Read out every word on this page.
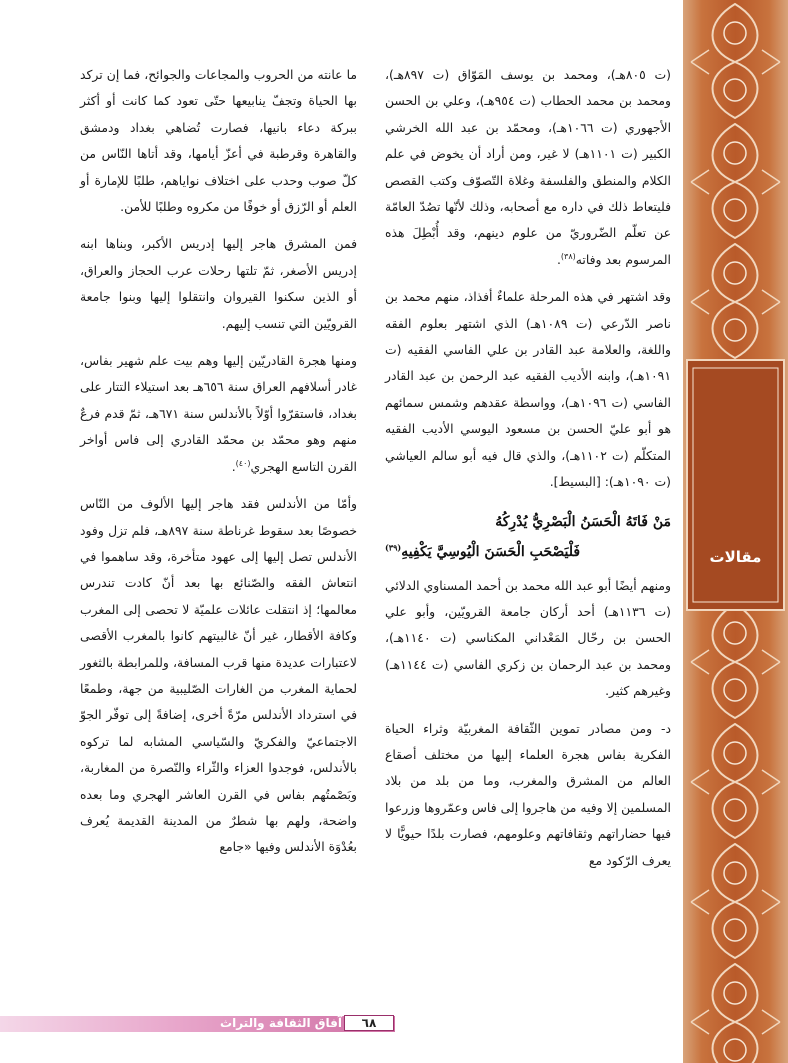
(ت ٨٠٥هـ)، ومحمد بن يوسف المَوّاق (ت ٨٩٧هـ)، ومحمد بن محمد الحطاب (ت ٩٥٤هـ)، وعلي بن الحسن الأجهوري (ت ١٠٦٦هـ)، ومحمّد بن عبد الله الخرشي الكبير (ت ١١٠١هـ) لا غير، ومن أراد أن يخوض في علم الكلام والمنطق والفلسفة وغلاة التّصوّف وكتب القصص فليتعاط ذلك في داره مع أصحابه، وذلك لأنّها تصُدّ العامّة عن تعلّم الضّروريّ من علوم دينهم، وقد أُبْطِلَ هذه المرسوم بعد وفاته$^{(٣٨)}$.

وقد اشتهر في هذه المرحلة علماءٌ أفذاذ، منهم محمد بن ناصر الدّرعي (ت ١٠٨٩هـ) الذي اشتهر بعلوم الفقه واللغة، والعلامة عبد القادر بن علي الفاسي الفقيه (ت ١٠٩١هـ)، وابنه الأديب الفقيه عبد الرحمن بن عبد القادر الفاسي (ت ١٠٩٦هـ)، وواسطة عقدهم وشمس سمائهم هو أبو عليّ الحسن بن مسعود اليوسي الأديب الفقيه المتكلّم (ت ١١٠٢هـ)، والذي قال فيه أبو سالم العياشي (ت ١٠٩٠هـ): [البسيط].

مَنْ فَاتَهُ الْحَسَنُ الْبَصْرِيُّ يُدْرِكُهُ
فَلْيَصْحَبِ الْحَسَنَ الْيُوسِيَّ يَكْفِيهِ$^{(٣٩)}$

ومنهم أيضًا أبو عبد الله محمد بن أحمد المسناوي الدلائي (ت ١١٣٦هـ) أحد أركان جامعة القرويّين، وأبو علي الحسن بن رحّال المَعْداني المكناسي (ت ١١٤٠هـ)، ومحمد بن عبد الرحمان بن زكري الفاسي (ت ١١٤٤هـ) وغيرهم كثير.

د- ومن مصادر تموين الثّقافة المغربيّة وثراء الحياة الفكرية بفاس هجرة العلماء إليها من مختلف أصقاع العالم من المشرق والمغرب، وما من بلد من بلاد المسلمين إلا وفيه من هاجروا إلى فاس وعمّروها وزرعوا فيها حضاراتهم وثقافاتهم وعلومهم، فصارت بلدًا حيويًّا لا يعرف الرّكود مع

ما عانته من الحروب والمجاعات والجوائح، فما إن تركد بها الحياة وتجفّ ينابيعها حتّى تعود كما كانت أو أكثر ببركة دعاء بانيها، فصارت تُضاهي بغداد ودمشق والقاهرة وقرطبة في أعزّ أيامها، وقد أتاها النّاس من كلّ صوب وحدب على اختلاف نواياهم، طلبًا للإمارة أو العلم أو الرّزق أو خوفًا من مكروه وطلبًا للأمن.

فمن المشرق هاجر إليها إدريس الأكبر، وبناها ابنه إدريس الأصغر، ثمّ تلتها رحلات عرب الحجاز والعراق، أو الذين سكنوا القيروان وانتقلوا إليها وبنوا جامعة القرويّين التي تنسب إليهم.

ومنها هجرة القادريّين إليها وهم بيت علم شهير بفاس، غادر أسلافهم العراق سنة ٦٥٦هـ بعد استيلاء التتار على بغداد، فاستقرّوا أوّلاً بالأندلس سنة ٦٧١هـ، ثمّ قدم فرعٌ منهم وهو محمّد بن محمّد القادري إلى فاس أواخر القرن التاسع الهجري$^{(٤٠)}$.

وأمّا من الأندلس فقد هاجر إليها الألوف من النّاس خصوصًا بعد سقوط غرناطة سنة ٨٩٧هـ، فلم تزل وفود الأندلس تصل إليها إلى عهود متأخرة، وقد ساهموا في انتعاش الفقه والصّنائع بها بعد أنّ كادت تندرس معالمها؛ إذ انتقلت عائلات علميّة لا تحصى إلى المغرب وكافة الأقطار، غير أنّ غالبيتهم كانوا بالمغرب الأقصى لاعتبارات عديدة منها قرب المسافة، وللمرابطة بالثغور لحماية المغرب من الغارات الصّليبية من جهة، وطمعًا في استرداد الأندلس مرّةً أخرى، إضافةً إلى توفّر الجوّ الاجتماعيّ والفكريّ والسّياسي المشابه لما تركوه بالأندلس، فوجدوا العزاء والثّراء والنّصرة من المغاربة، وبَصْمتُهم بفاس في القرن العاشر الهجري وما بعده واضحة، ولهم بها شطرٌ من المدينة القديمة يُعرف بعُدْوَة الأندلس وفيها «جامع

مقالات
٦٨
آفاق الثقافة والتراث
